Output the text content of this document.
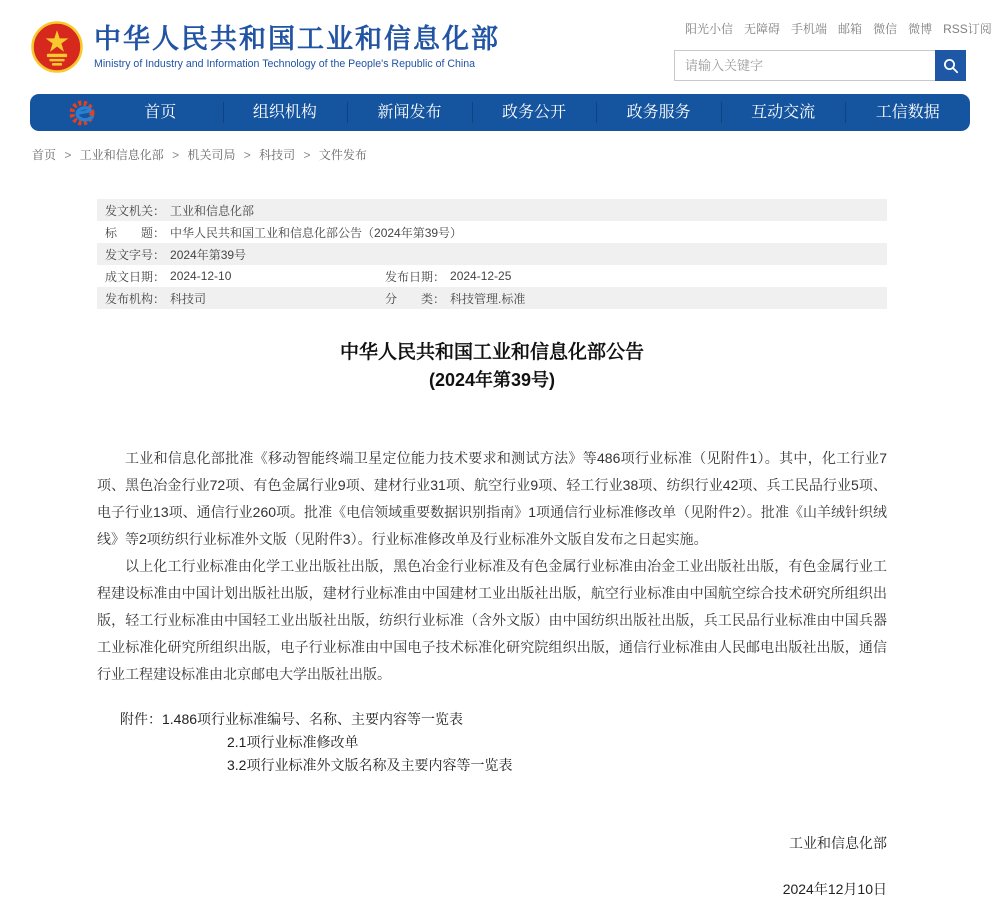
中华人民共和国工业和信息化部
Ministry of Industry and Information Technology of the People's Republic of China
阳光小信 无障碍 手机端 邮箱 微信 微博 RSS订阅
请输入关键字
首页	组织机构	新闻发布	政务公开	政务服务	互动交流	工信数据
首页 > 工业和信息化部 > 机关司局 > 科技司 > 文件发布
发文机关： 工业和信息化部
标　　题： 中华人民共和国工业和信息化部公告（2024年第39号）
发文字号： 2024年第39号
成文日期： 2024-12-10	发布日期： 2024-12-25
发布机构： 科技司	分　　类： 科技管理.标准
中华人民共和国工业和信息化部公告
(2024年第39号)

工业和信息化部批准《移动智能终端卫星定位能力技术要求和测试方法》等486项行业标准（见附件1）。其中，化工行业7项、黑色冶金行业72项、有色金属行业9项、建材行业31项、航空行业9项、轻工行业38项、纺织行业42项、兵工民品行业5项、电子行业13项、通信行业260项。批准《电信领域重要数据识别指南》1项通信行业标准修改单（见附件2）。批准《山羊绒针织绒线》等2项纺织行业标准外文版（见附件3）。行业标准修改单及行业标准外文版自发布之日起实施。

以上化工行业标准由化学工业出版社出版，黑色冶金行业标准及有色金属行业标准由冶金工业出版社出版，有色金属行业工程建设标准由中国计划出版社出版，建材行业标准由中国建材工业出版社出版，航空行业标准由中国航空综合技术研究所组织出版，轻工行业标准由中国轻工业出版社出版，纺织行业标准（含外文版）由中国纺织出版社出版，兵工民品行业标准由中国兵器工业标准化研究所组织出版，电子行业标准由中国电子技术标准化研究院组织出版，通信行业标准由人民邮电出版社出版，通信行业工程建设标准由北京邮电大学出版社出版。

附件：1.486项行业标准编号、名称、主要内容等一览表
2.1项行业标准修改单
3.2项行业标准外文版名称及主要内容等一览表
工业和信息化部
2024年12月10日
